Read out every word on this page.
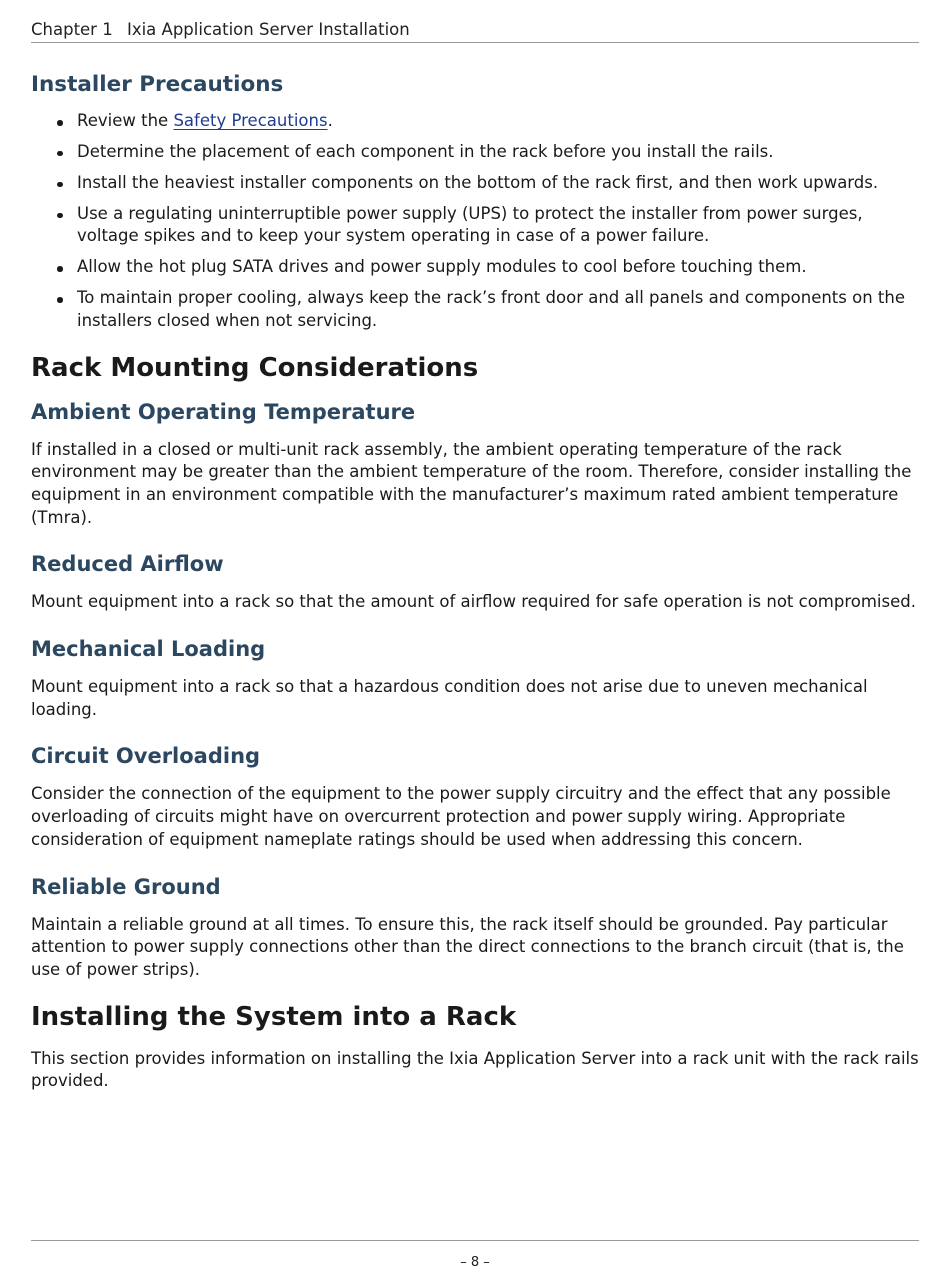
Chapter 1 Ixia Application Server Installation
Installer Precautions
Review the Safety Precautions.
Determine the placement of each component in the rack before you install the rails.
Install the heaviest installer components on the bottom of the rack first, and then work upwards.
Use a regulating uninterruptible power supply (UPS) to protect the installer from power surges, voltage spikes and to keep your system operating in case of a power failure.
Allow the hot plug SATA drives and power supply modules to cool before touching them.
To maintain proper cooling, always keep the rack’s front door and all panels and components on the installers closed when not servicing.
Rack Mounting Considerations
Ambient Operating Temperature

If installed in a closed or multi-unit rack assembly, the ambient operating temperature of the rack environment may be greater than the ambient temperature of the room. Therefore, consider installing the equipment in an environment compatible with the manufacturer’s maximum rated ambient temperature (Tmra).

Reduced Airflow

Mount equipment into a rack so that the amount of airflow required for safe operation is not compromised.

Mechanical Loading

Mount equipment into a rack so that a hazardous condition does not arise due to uneven mechanical loading.

Circuit Overloading

Consider the connection of the equipment to the power supply circuitry and the effect that any possible overloading of circuits might have on overcurrent protection and power supply wiring. Appropriate consideration of equipment nameplate ratings should be used when addressing this concern.

Reliable Ground

Maintain a reliable ground at all times. To ensure this, the rack itself should be grounded. Pay particular attention to power supply connections other than the direct connections to the branch circuit (that is, the use of power strips).

Installing the System into a Rack

This section provides information on installing the Ixia Application Server into a rack unit with the rack rails provided.

– 8 –
